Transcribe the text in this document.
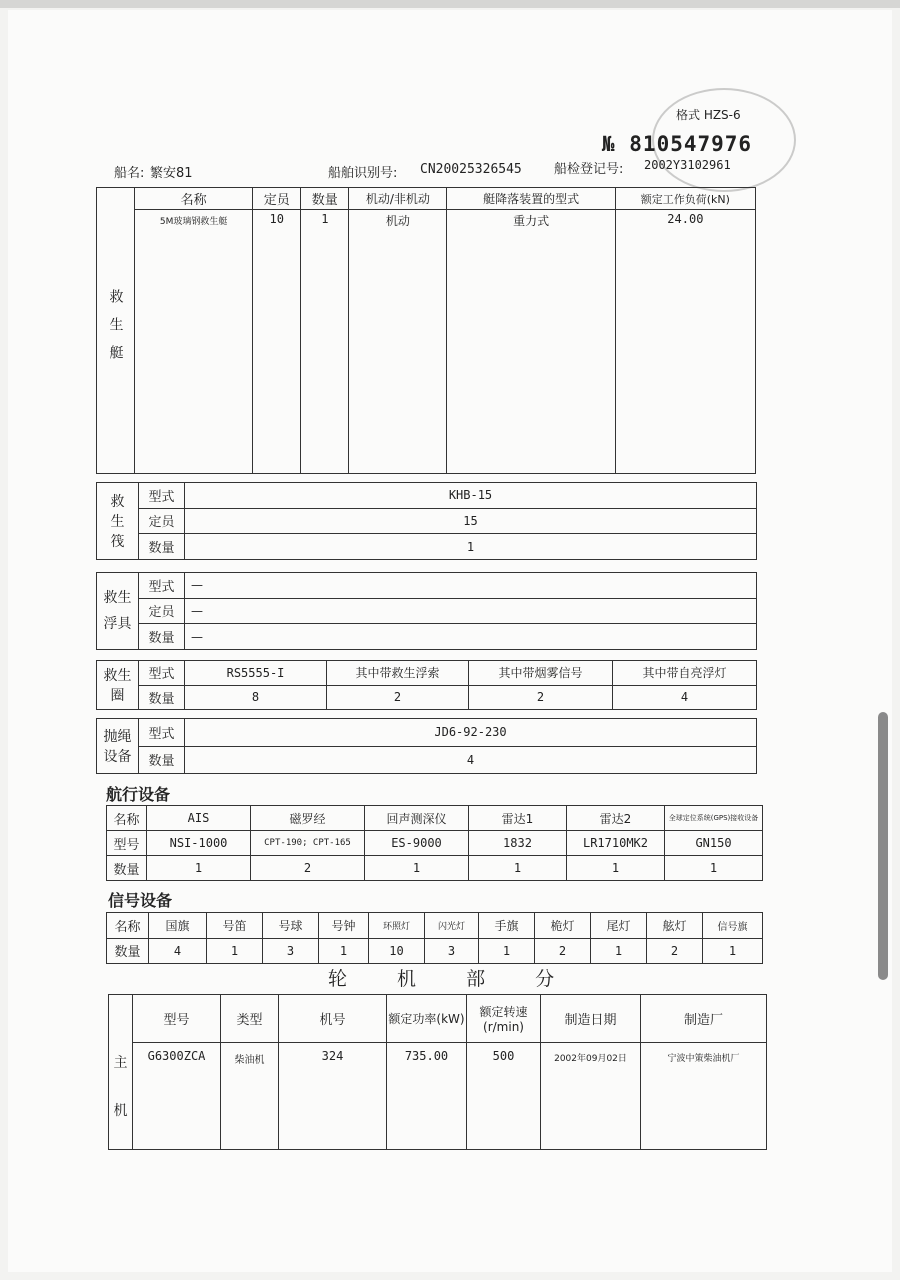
格式 HZS-6
№ 810547976
船名: 繁安81	船舶识别号: CN20025326545 船检登记号: 2002Y3102961
救生艇	名称	定员	数量	机动/非机动	艇降落装置的型式	额定工作负荷(kN)
	5M玻璃钢救生艇	10	1	机动	重力式	24.00
救生筏	型式	KHB-15
	定员	15
	数量	1
救生浮具	型式	—
	定员	—
	数量	—
救生圈	型式	RS5555-I	其中带救生浮索	其中带烟雾信号	其中带自亮浮灯
	数量	8	2	2	4
抛绳设备	型式	JD6-92-230
	数量	4
航行设备
名称	AIS	磁罗经	回声测深仪	雷达1	雷达2	全球定位系统(GPS)接收设备
型号	NSI-1000	CPT-190; CPT-165	ES-9000	1832	LR1710MK2	GN150
数量	1	2	1	1	1	1
信号设备
名称	国旗	号笛	号球	号钟	环照灯	闪光灯	手旗	桅灯	尾灯	舷灯	信号旗
数量	4	1	3	1	10	3	1	2	1	2	1
轮 机 部 分
主机	型号	类型	机号	额定功率(kW)	额定转速(r/min)	制造日期	制造厂
	G6300ZCA	柴油机	324	735.00	500	2002年09月02日	宁波中策柴油机厂
